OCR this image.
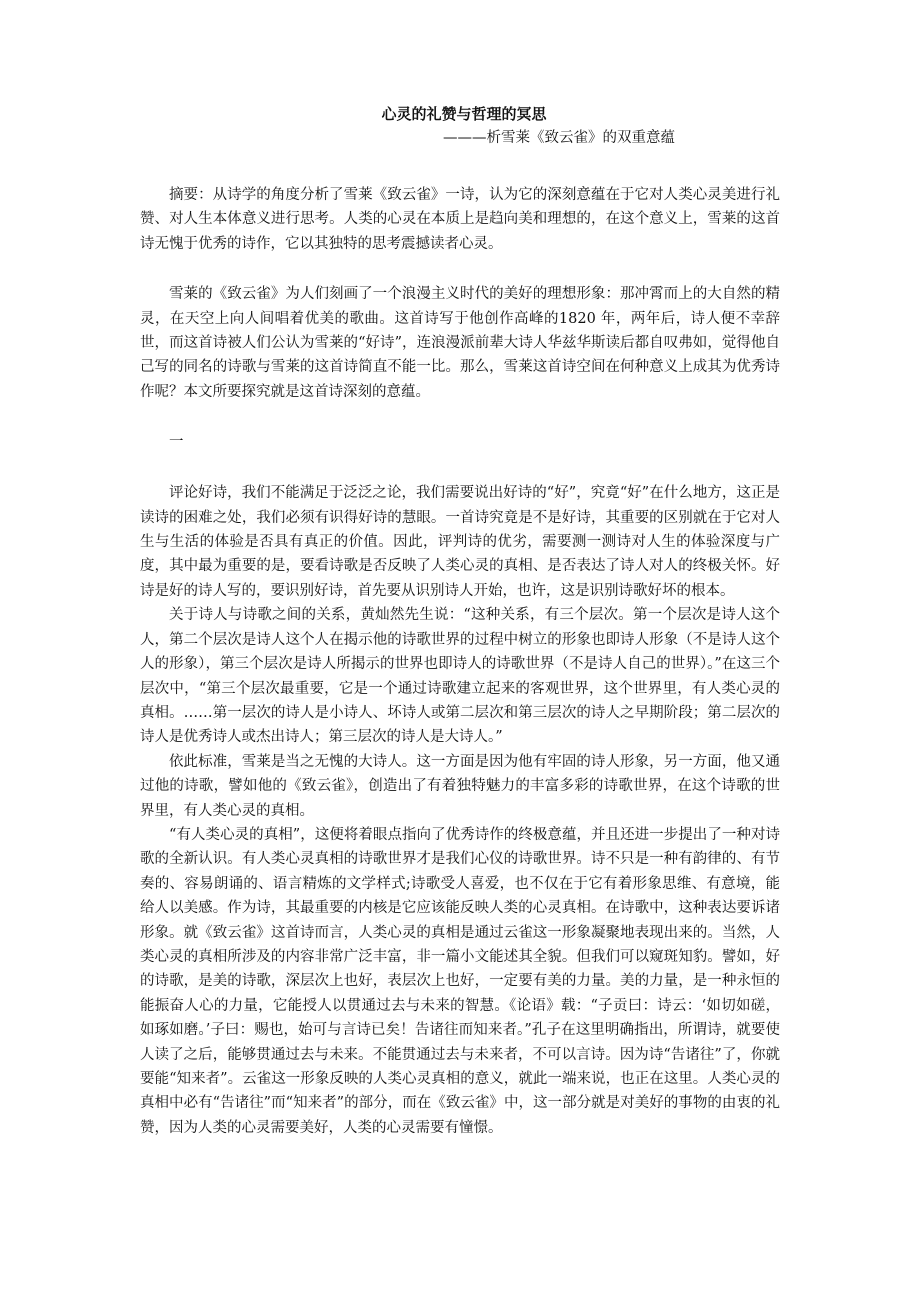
心灵的礼赞与哲理的冥思

———析雪莱《致云雀》的双重意蕴

摘要：从诗学的角度分析了雪莱《致云雀》一诗，认为它的深刻意蕴在于它对人类心灵美进行礼赞、对人生本体意义进行思考。人类的心灵在本质上是趋向美和理想的，在这个意义上，雪莱的这首诗无愧于优秀的诗作，它以其独特的思考震撼读者心灵。

雪莱的《致云雀》为人们刻画了一个浪漫主义时代的美好的理想形象：那冲霄而上的大自然的精灵，在天空上向人间唱着优美的歌曲。这首诗写于他创作高峰的1820 年，两年后，诗人便不幸辞世，而这首诗被人们公认为雪莱的“好诗”，连浪漫派前辈大诗人华兹华斯读后都自叹弗如，觉得他自己写的同名的诗歌与雪莱的这首诗简直不能一比。那么，雪莱这首诗空间在何种意义上成其为优秀诗作呢？本文所要探究就是这首诗深刻的意蕴。

一

评论好诗，我们不能满足于泛泛之论，我们需要说出好诗的“好”，究竟“好”在什么地方，这正是读诗的困难之处，我们必须有识得好诗的慧眼。一首诗究竟是不是好诗，其重要的区别就在于它对人生与生活的体验是否具有真正的价值。因此，评判诗的优劣，需要测一测诗对人生的体验深度与广度，其中最为重要的是，要看诗歌是否反映了人类心灵的真相、是否表达了诗人对人的终极关怀。好诗是好的诗人写的，要识别好诗，首先要从识别诗人开始，也许，这是识别诗歌好坏的根本。

关于诗人与诗歌之间的关系，黄灿然先生说：“这种关系，有三个层次。第一个层次是诗人这个人，第二个层次是诗人这个人在揭示他的诗歌世界的过程中树立的形象也即诗人形象（不是诗人这个人的形象），第三个层次是诗人所揭示的世界也即诗人的诗歌世界（不是诗人自己的世界）。”在这三个层次中，“第三个层次最重要，它是一个通过诗歌建立起来的客观世界，这个世界里，有人类心灵的真相。……第一层次的诗人是小诗人、坏诗人或第二层次和第三层次的诗人之早期阶段；第二层次的诗人是优秀诗人或杰出诗人；第三层次的诗人是大诗人。”

依此标准，雪莱是当之无愧的大诗人。这一方面是因为他有牢固的诗人形象，另一方面，他又通过他的诗歌，譬如他的《致云雀》，创造出了有着独特魅力的丰富多彩的诗歌世界，在这个诗歌的世界里，有人类心灵的真相。

“有人类心灵的真相”，这便将着眼点指向了优秀诗作的终极意蕴，并且还进一步提出了一种对诗歌的全新认识。有人类心灵真相的诗歌世界才是我们心仪的诗歌世界。诗不只是一种有韵律的、有节奏的、容易朗诵的、语言精炼的文学样式;诗歌受人喜爱，也不仅在于它有着形象思维、有意境，能给人以美感。作为诗，其最重要的内核是它应该能反映人类的心灵真相。在诗歌中，这种表达要诉诸形象。就《致云雀》这首诗而言，人类心灵的真相是通过云雀这一形象凝聚地表现出来的。当然，人类心灵的真相所涉及的内容非常广泛丰富，非一篇小文能述其全貌。但我们可以窥斑知豹。譬如，好的诗歌，是美的诗歌，深层次上也好，表层次上也好，一定要有美的力量。美的力量，是一种永恒的能振奋人心的力量，它能授人以贯通过去与未来的智慧。《论语》载：“子贡曰：诗云：‘如切如磋，如琢如磨。’子曰：赐也，始可与言诗已矣！告诸往而知来者。”孔子在这里明确指出，所谓诗，就要使人读了之后，能够贯通过去与未来。不能贯通过去与未来者，不可以言诗。因为诗“告诸往”了，你就要能“知来者”。云雀这一形象反映的人类心灵真相的意义，就此一端来说，也正在这里。人类心灵的真相中必有“告诸往”而“知来者”的部分，而在《致云雀》中，这一部分就是对美好的事物的由衷的礼赞，因为人类的心灵需要美好，人类的心灵需要有憧憬。
